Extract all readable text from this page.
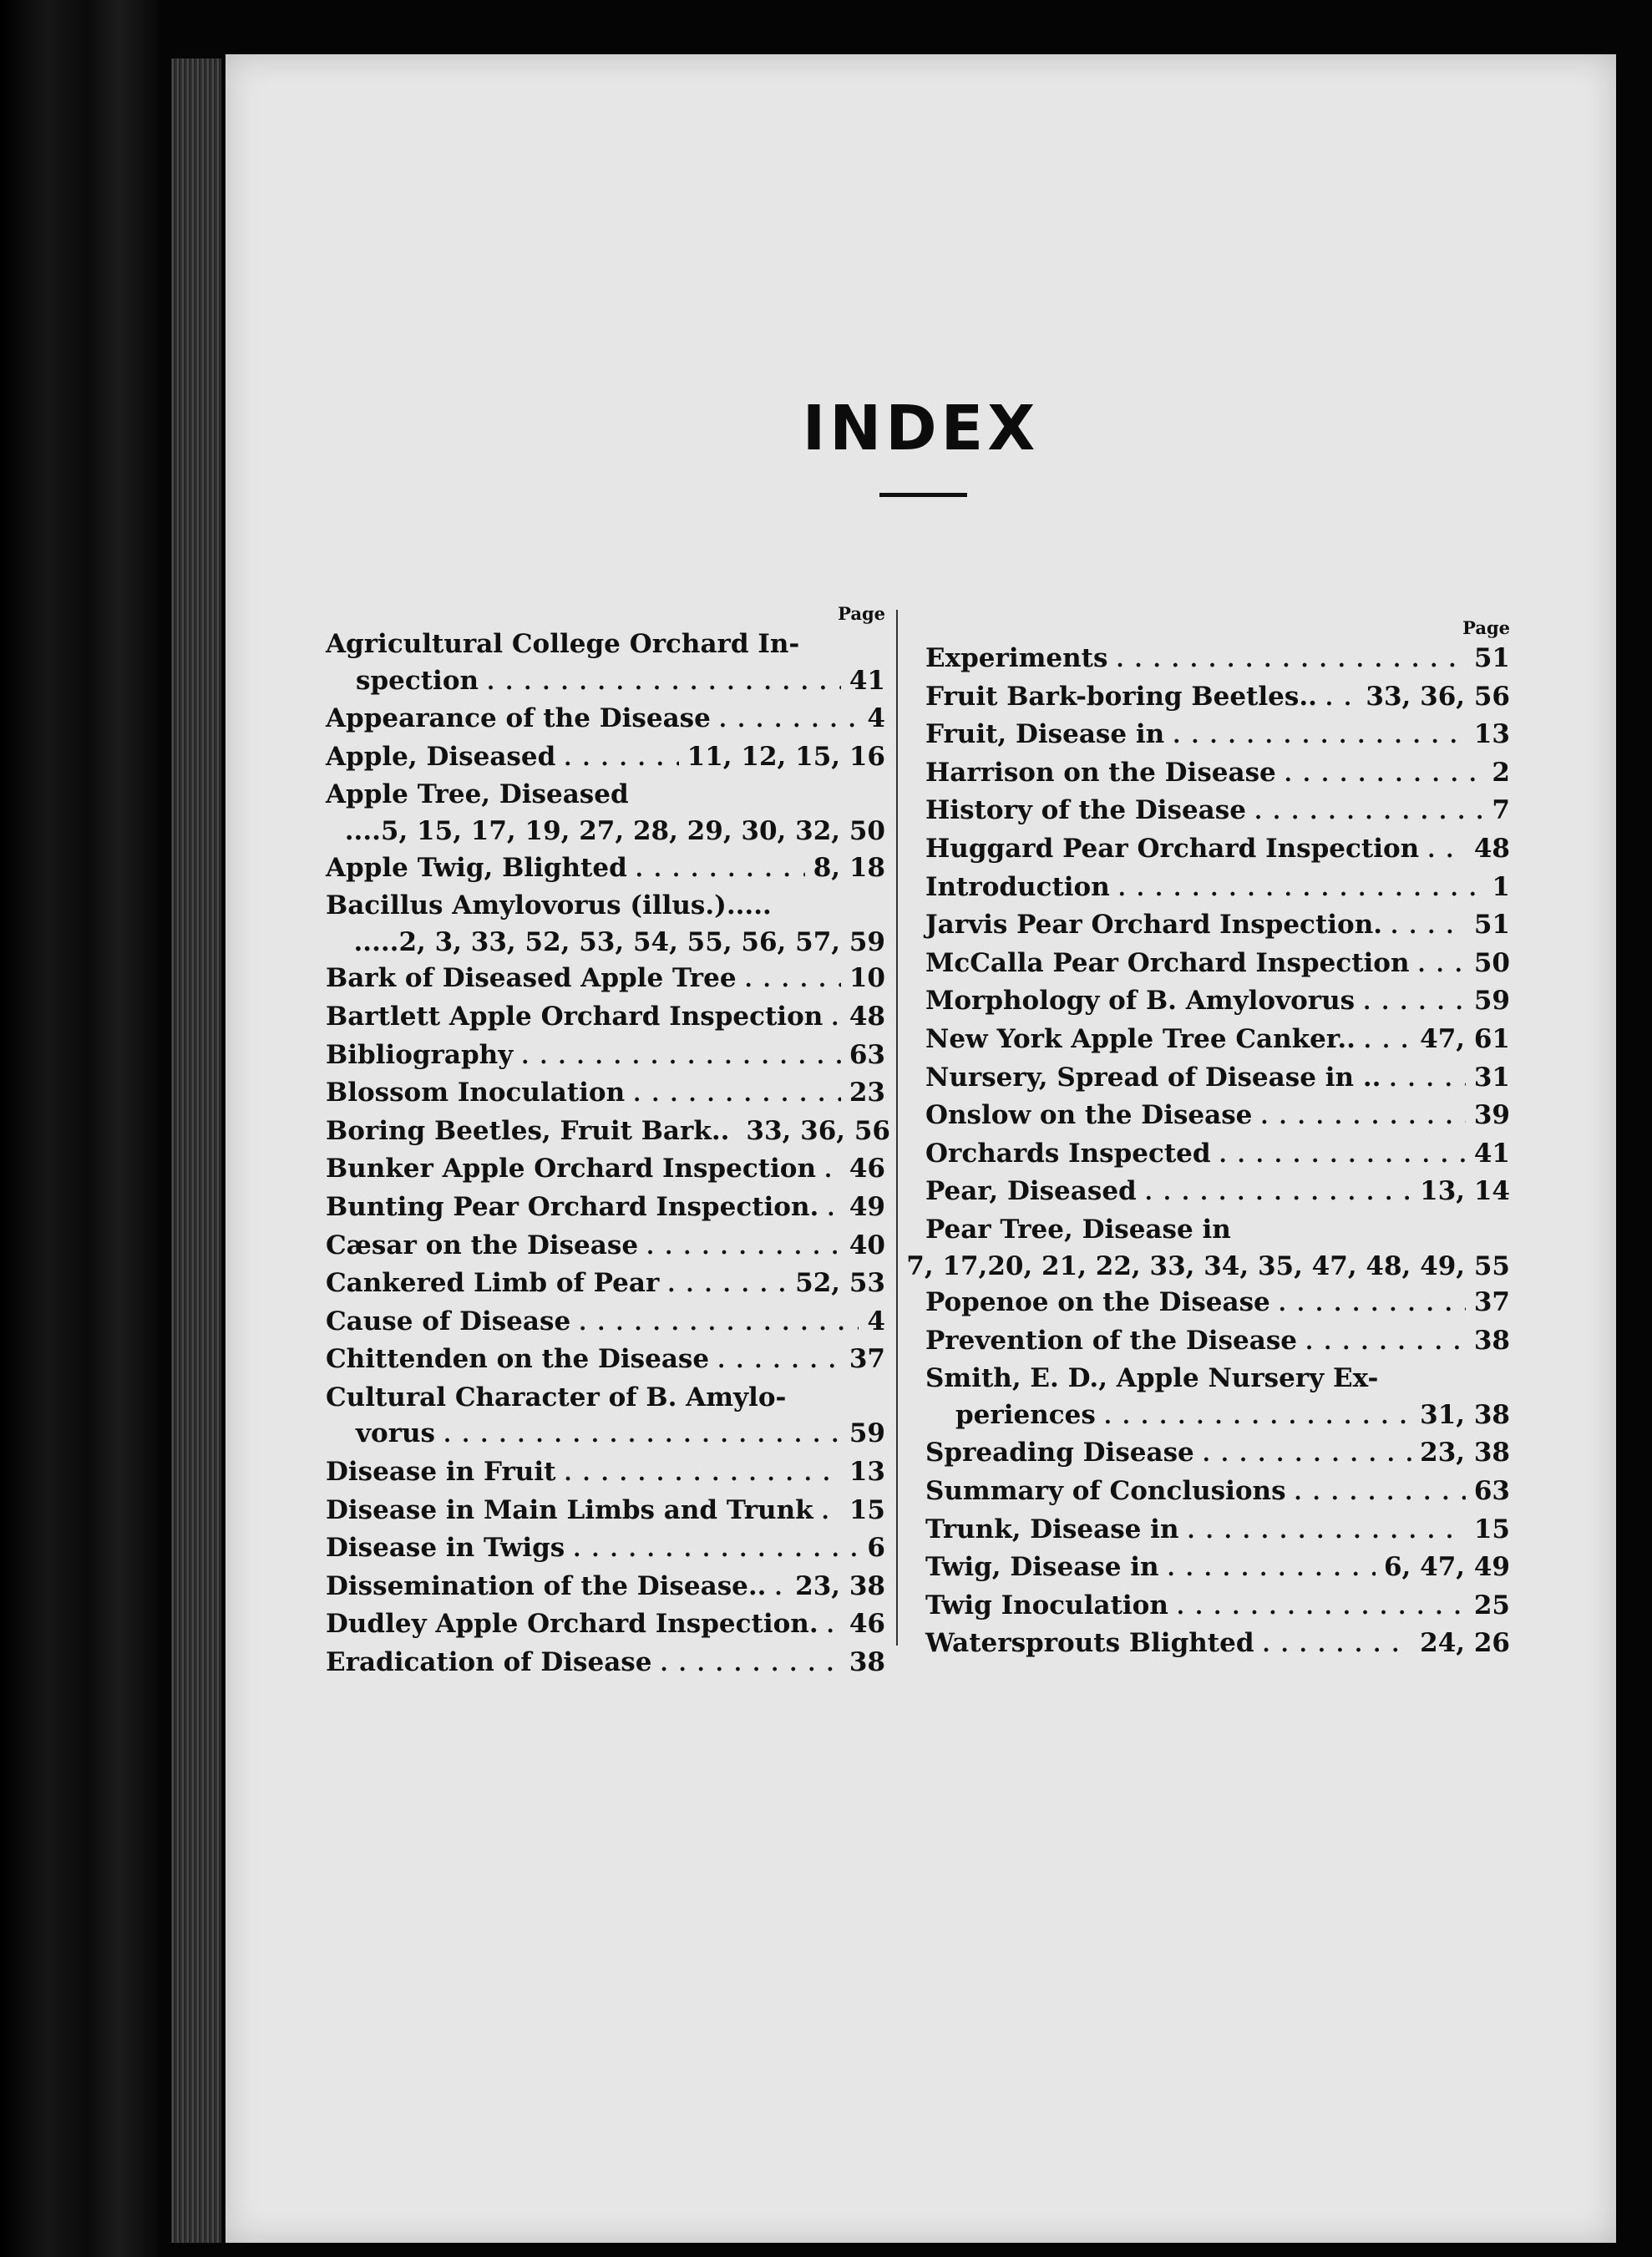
INDEX
Page
Agricultural College Orchard In-
spection . . .	41
Appearance of the Disease . . .	4
Apple, Diseased . . .	11, 12, 15, 16
Apple Tree, Diseased
.... 5, 15, 17, 19, 27, 28, 29, 30, 32, 50
Apple Twig, Blighted . . .	8, 18
Bacillus Amylovorus (illus.).....
..... 2, 3, 33, 52, 53, 54, 55, 56, 57, 59
Bark of Diseased Apple Tree . . .	10
Bartlett Apple Orchard Inspection . . . 48
Bibliography . . .	63
Blossom Inoculation . . .	23
Boring Beetles, Fruit Bark.. 33, 36, 56
Bunker Apple Orchard Inspection . . . 46
Bunting Pear Orchard Inspection. . . . 49
Cæsar on the Disease . . .	40
Cankered Limb of Pear . . .	52, 53
Cause of Disease . . .	4
Chittenden on the Disease . . .	37
Cultural Character of B. Amylo-
vorus . . .	59
Disease in Fruit . . .	13
Disease in Main Limbs and Trunk . . . 15
Disease in Twigs . . .	6
Dissemination of the Disease.. . . . 23, 38
Dudley Apple Orchard Inspection. . . . 46
Eradication of Disease . . .	38
Page
Experiments . . .	51
Fruit Bark-boring Beetles.. . . . 33, 36, 56
Fruit, Disease in . . .	13
Harrison on the Disease . . .	2
History of the Disease . . .	7
Huggard Pear Orchard Inspection . . . 48
Introduction . . .	1
Jarvis Pear Orchard Inspection. . . .	51
McCalla Pear Orchard Inspection . . . 50
Morphology of B. Amylovorus . . .	59
New York Apple Tree Canker.. . . . 47, 61
Nursery, Spread of Disease in .. . . .	31
Onslow on the Disease . . .	39
Orchards Inspected . . .	41
Pear, Diseased . . .	13, 14
Pear Tree, Disease in
7, 17,20, 21, 22, 33, 34, 35, 47, 48, 49, 55
Popenoe on the Disease . . .	37
Prevention of the Disease . . .	38
Smith, E. D., Apple Nursery Ex-
periences . . .	31, 38
Spreading Disease . . .	23, 38
Summary of Conclusions . . .	63
Trunk, Disease in . . .	15
Twig, Disease in . . .	6, 47, 49
Twig Inoculation . . .	25
Watersprouts Blighted . . .	24, 26
